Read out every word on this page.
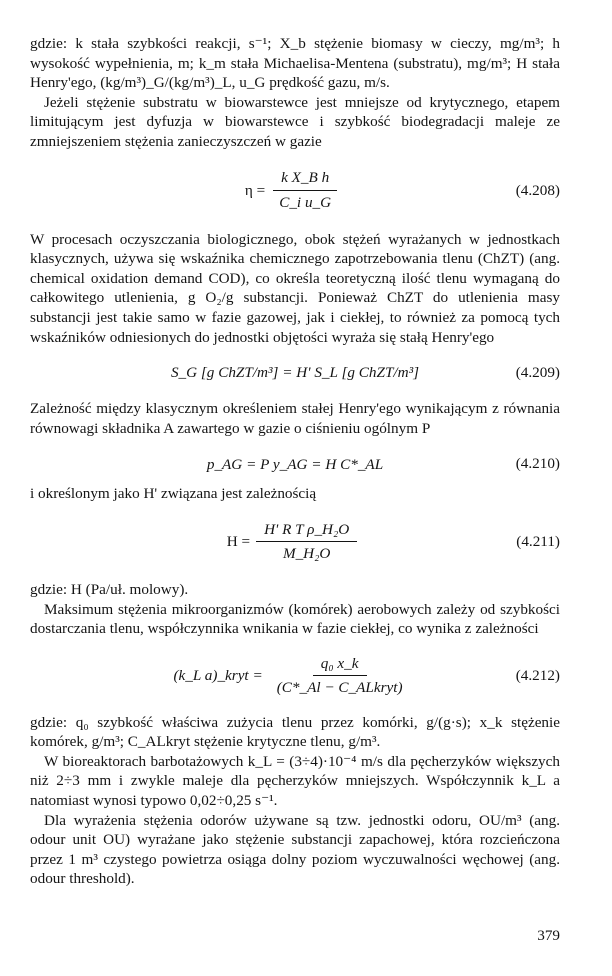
gdzie: k stała szybkości reakcji, s⁻¹; X_b stężenie biomasy w cieczy, mg/m³; h wysokość wypełnienia, m; k_m stała Michaelisa-Mentena (substratu), mg/m³; H stała Henry'ego, (kg/m³)_G/(kg/m³)_L, u_G prędkość gazu, m/s.

Jeżeli stężenie substratu w biowarstewce jest mniejsze od krytycznego, etapem limitującym jest dyfuzja w biowarstewce i szybkość biodegradacji maleje ze zmniejszeniem stężenia zanieczyszczeń w gazie

$\eta = \frac{\text{k X\_B h}}{\text{C\_i u\_G}}$	(4.208)

W procesach oczyszczania biologicznego, obok stężeń wyrażanych w jednostkach klasycznych, używa się wskaźnika chemicznego zapotrzebowania tlenu (ChZT) (ang. chemical oxidation demand COD), co określa teoretyczną ilość tlenu wymaganą do całkowitego utlenienia, g O₂/g substancji. Ponieważ ChZT do utlenienia masy substancji jest takie samo w fazie gazowej, jak i ciekłej, to również za pomocą tych wskaźników odniesionych do jednostki objętości wyraża się stałą Henry'ego

S_G [g ChZT/m³] = H' S_L [g ChZT/m³]	(4.209)

Zależność między klasycznym określeniem stałej Henry'ego wynikającym z równania równowagi składnika A zawartego w gazie o ciśnieniu ogólnym P

p_AG = P y_AG = H C*_AL	(4.210)

i określonym jako H' związana jest zależnością

$H = \frac{\text{H' R T ρ\_H₂O}}{\text{M\_H₂O}}$	(4.211)

gdzie: H (Pa/uł. molowy).

Maksimum stężenia mikroorganizmów (komórek) aerobowych zależy od szybkości dostarczania tlenu, współczynnika wnikania w fazie ciekłej, co wynika z zależności

(k_L a)_kryt = $\frac{\text{q₀ x\_k}}{\text{(C*\_Al − C\_ALkryt)}}$	(4.212)

gdzie: q₀ szybkość właściwa zużycia tlenu przez komórki, g/(g·s); x_k stężenie komórek, g/m³; C_ALkryt stężenie krytyczne tlenu, g/m³.

W bioreaktorach barbotażowych k_L = (3÷4)·10⁻⁴ m/s dla pęcherzyków większych niż 2÷3 mm i zwykle maleje dla pęcherzyków mniejszych. Współczynnik k_L a natomiast wynosi typowo 0,02÷0,25 s⁻¹.

Dla wyrażenia stężenia odorów używane są tzw. jednostki odoru, OU/m³ (ang. odour unit OU) wyrażane jako stężenie substancji zapachowej, która rozcieńczona przez 1 m³ czystego powietrza osiąga dolny poziom wyczuwalności węchowej (ang. odour threshold).

379
